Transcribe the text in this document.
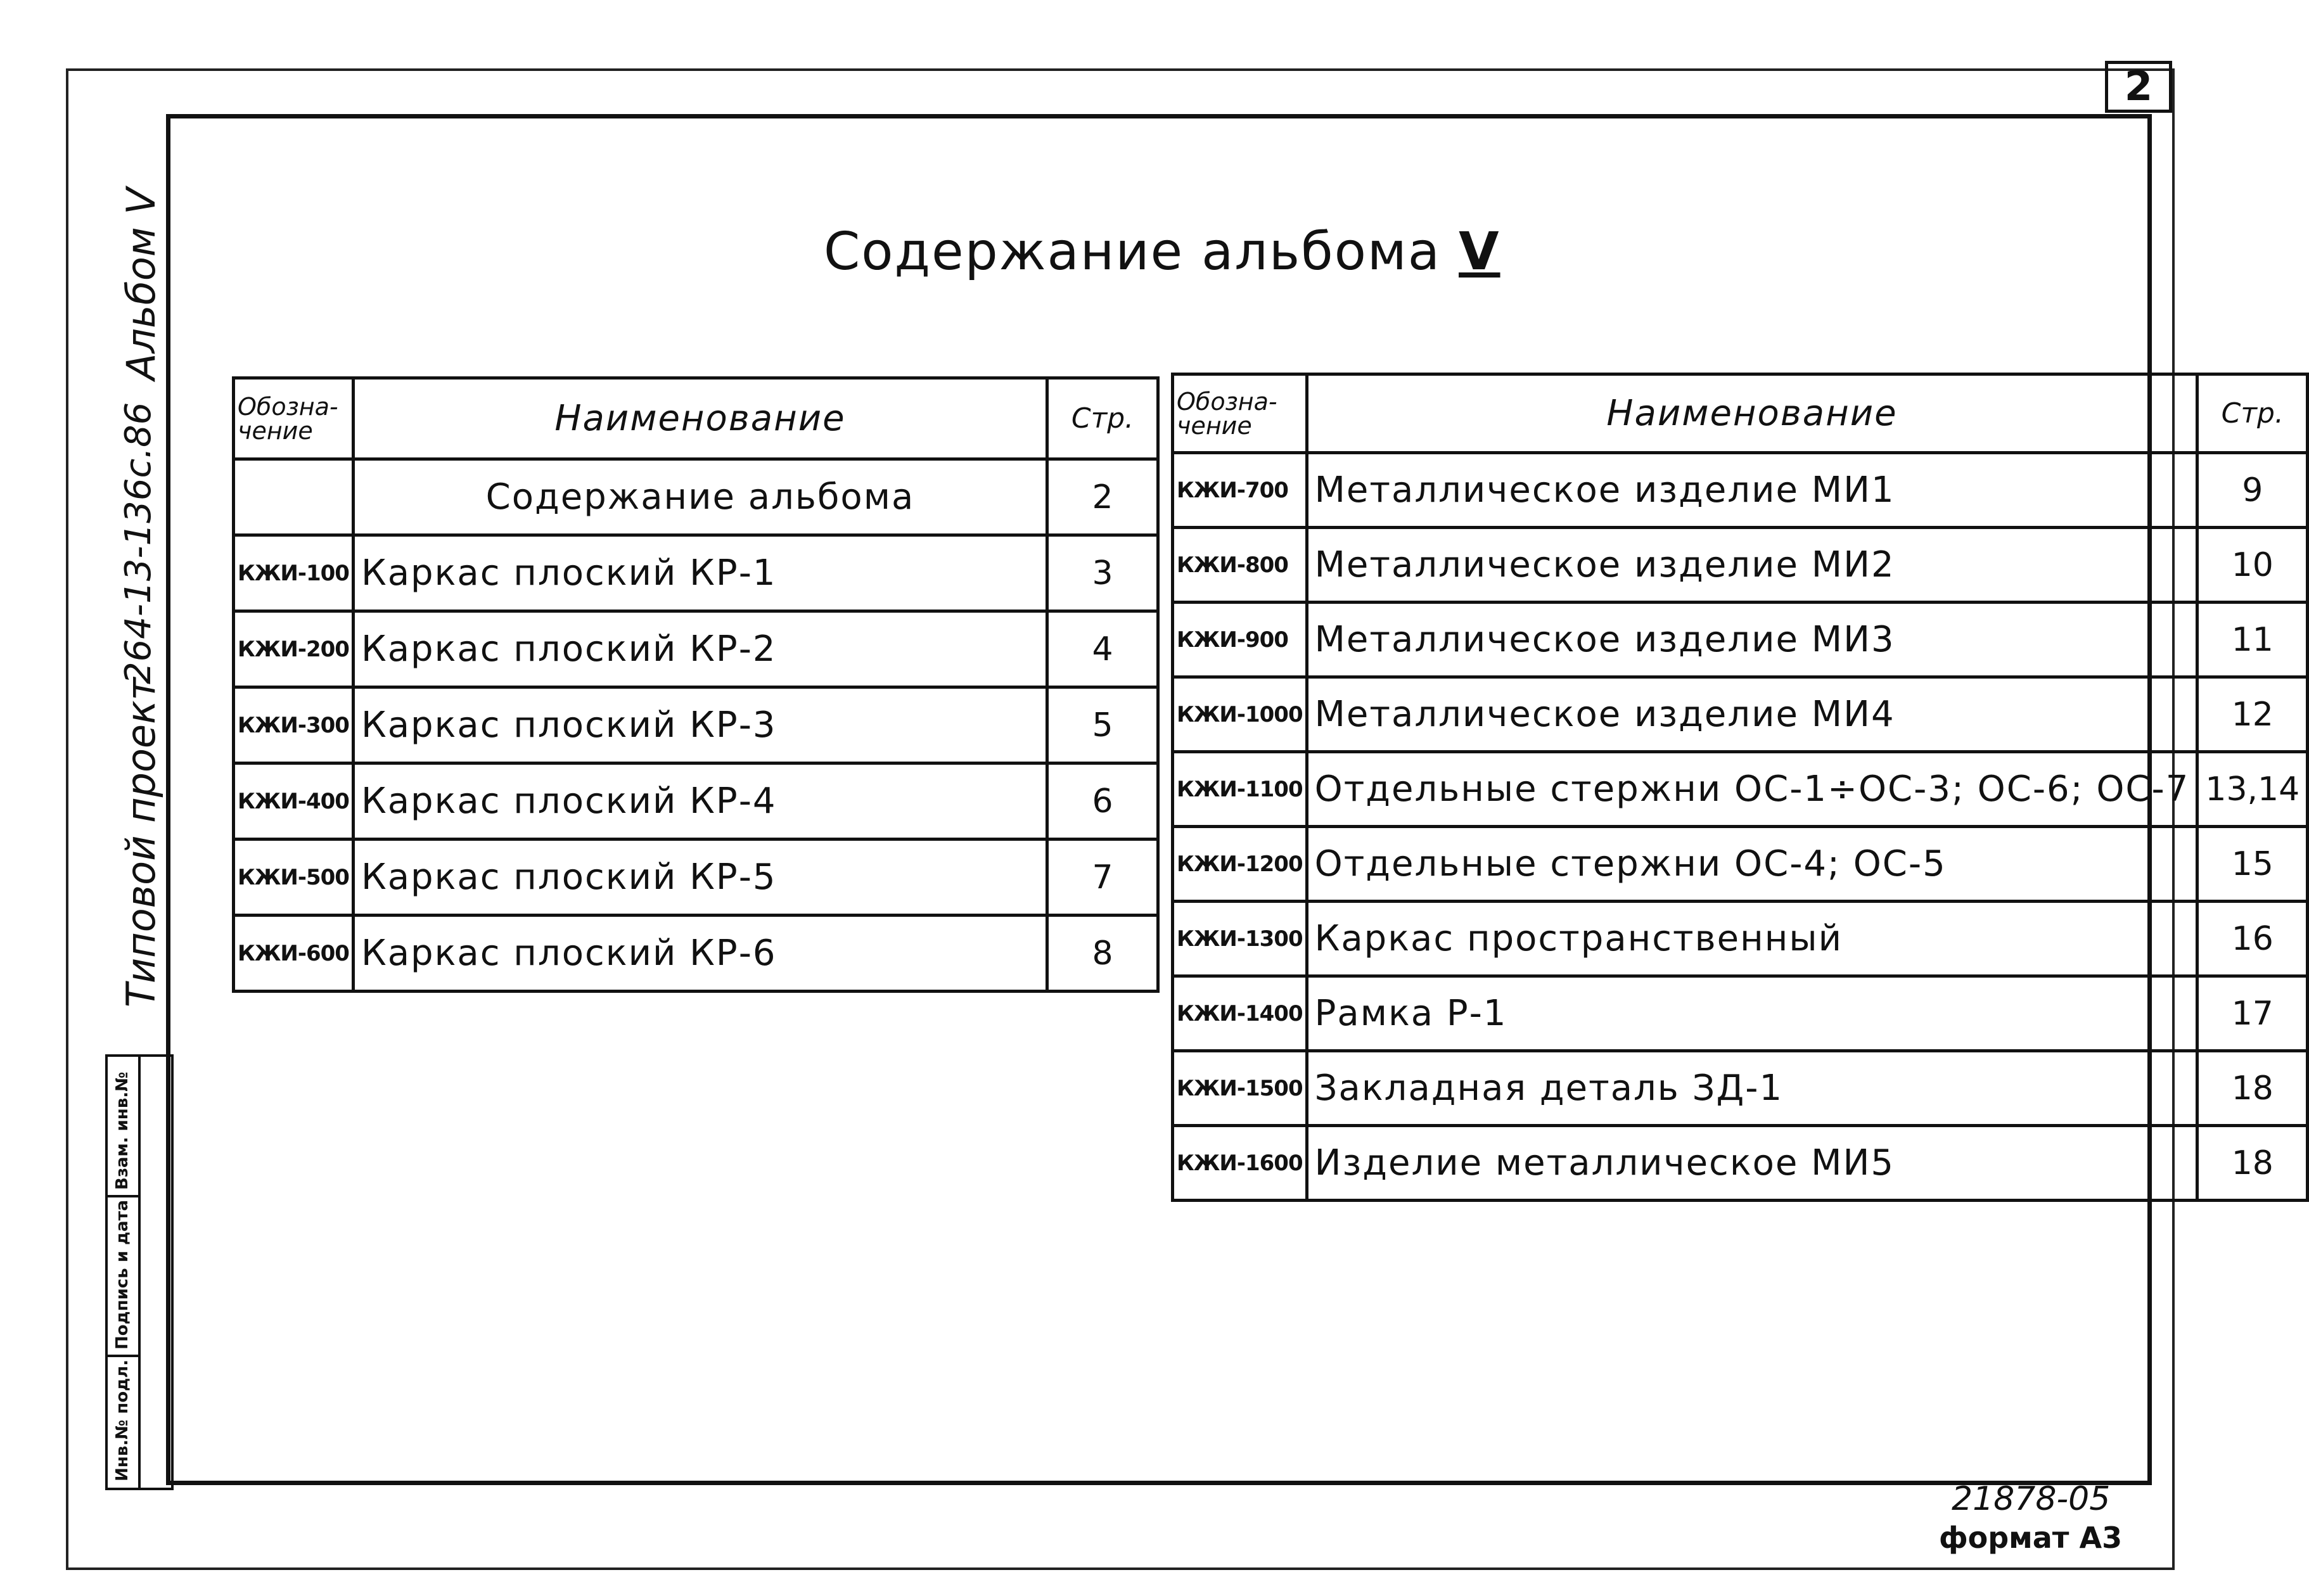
2
Альбом V
Типовой проект
264-13-136с.86
Взам. инв.№
Подпись и дата
Инв.№ подл.
Содержание альбома V
Обозна-чение	Наименование	Стр.
	Содержание альбома	2
КЖИ-100	Каркас плоский КР-1	3
КЖИ-200	Каркас плоский КР-2	4
КЖИ-300	Каркас плоский КР-3	5
КЖИ-400	Каркас плоский КР-4	6
КЖИ-500	Каркас плоский КР-5	7
КЖИ-600	Каркас плоский КР-6	8
Обозна-чение	Наименование	Стр.
КЖИ-700	Металлическое изделие МИ1	9
КЖИ-800	Металлическое изделие МИ2	10
КЖИ-900	Металлическое изделие МИ3	11
КЖИ-1000	Металлическое изделие МИ4	12
КЖИ-1100	Отдельные стержни ОС-1÷ОС-3; ОС-6; ОС-7	13,14
КЖИ-1200	Отдельные стержни ОС-4; ОС-5	15
КЖИ-1300	Каркас пространственный	16
КЖИ-1400	Рамка Р-1	17
КЖИ-1500	Закладная деталь ЗД-1	18
КЖИ-1600	Изделие металлическое МИ5	18
21878-05
формат А3
